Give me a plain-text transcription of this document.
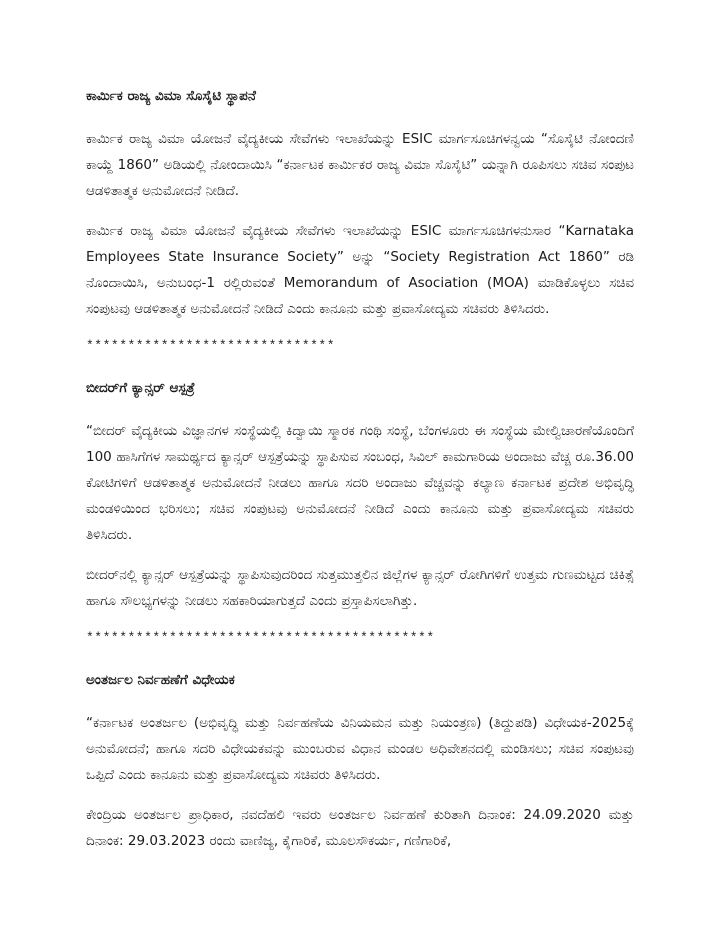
ಕಾರ್ಮಿಕ ರಾಜ್ಯ ವಿಮಾ ಸೊಸೈಟಿ ಸ್ಥಾಪನೆ

ಕಾರ್ಮಿಕ ರಾಜ್ಯ ವಿಮಾ ಯೋಜನೆ ವೈದ್ಯಕೀಯ ಸೇವೆಗಳು ಇಲಾಖೆಯನ್ನು ESIC ಮಾರ್ಗಸೂಚಿಗಳನ್ವಯ “ಸೊಸೈಟಿ ನೋಂದಣಿ ಕಾಯ್ದೆ 1860” ಅಡಿಯಲ್ಲಿ ನೋಂದಾಯಿಸಿ “ಕರ್ನಾಟಕ ಕಾರ್ಮಿಕರ ರಾಜ್ಯ ವಿಮಾ ಸೊಸೈಟಿ” ಯನ್ನಾಗಿ ರೂಪಿಸಲು ಸಚಿವ ಸಂಪುಟ ಆಡಳಿತಾತ್ಮಕ ಅನುಮೋದನೆ ನೀಡಿದೆ.

ಕಾರ್ಮಿಕ ರಾಜ್ಯ ವಿಮಾ ಯೋಜನೆ ವೈದ್ಯಕೀಯ ಸೇವೆಗಳು ಇಲಾಖೆಯನ್ನು ESIC ಮಾರ್ಗಸೂಚಿಗಳನುಸಾರ “Karnataka Employees State Insurance Society” ಅನ್ನು “Society Registration Act 1860” ರಡಿ ನೊಂದಾಯಿಸಿ, ಅನುಬಂಧ-1 ರಲ್ಲಿರುವಂತೆ Memorandum of Asociation (MOA) ಮಾಡಿಕೊಳ್ಳಲು ಸಚಿವ ಸಂಪುಟವು ಆಡಳಿತಾತ್ಮಕ ಅನುಮೋದನೆ ನೀಡಿದೆ ಎಂದು ಕಾನೂನು ಮತ್ತು ಪ್ರವಾಸೋದ್ಯಮ ಸಚಿವರು ತಿಳಿಸಿದರು.

******************************
ಬೀದರ್‌ಗೆ ಕ್ಯಾನ್ಸರ್ ಆಸ್ಪತ್ರೆ

“ಬೀದರ್ ವೈದ್ಯಕೀಯ ವಿಜ್ಞಾನಗಳ ಸಂಸ್ಥೆಯಲ್ಲಿ ಕಿದ್ವಾಯಿ ಸ್ಮಾರಕ ಗಂಥಿ ಸಂಸ್ಥೆ, ಬೆಂಗಳೂರು ಈ ಸಂಸ್ಥೆಯ ಮೇಲ್ವಿಚಾರಣೆಯೊಂದಿಗೆ 100 ಹಾಸಿಗೆಗಳ ಸಾಮರ್ಥ್ಯದ ಕ್ಯಾನ್ಸರ್ ಆಸ್ಪತ್ರೆಯನ್ನು ಸ್ಥಾಪಿಸುವ ಸಂಬಂಧ, ಸಿವಿಲ್ ಕಾಮಗಾರಿಯ ಅಂದಾಜು ವೆಚ್ಚ ರೂ.36.00 ಕೋಟಿಗಳಿಗೆ ಆಡಳಿತಾತ್ಮಕ ಅನುಮೋದನೆ ನೀಡಲು ಹಾಗೂ ಸದರಿ ಅಂದಾಜು ವೆಚ್ಚವನ್ನು ಕಲ್ಯಾಣ ಕರ್ನಾಟಕ ಪ್ರದೇಶ ಅಭಿವೃದ್ಧಿ ಮಂಡಳಿಯಿಂದ ಭರಿಸಲು; ಸಚಿವ ಸಂಪುಟವು ಅನುಮೋದನೆ ನೀಡಿದೆ ಎಂದು ಕಾನೂನು ಮತ್ತು ಪ್ರವಾಸೋದ್ಯಮ ಸಚಿವರು ತಿಳಿಸಿದರು.

ಬೀದರ್‌ನಲ್ಲಿ ಕ್ಯಾನ್ಸರ್ ಆಸ್ಪತ್ರೆಯನ್ನು ಸ್ಥಾಪಿಸುವುದರಿಂದ ಸುತ್ತಮುತ್ತಲಿನ ಜಿಲ್ಲೆಗಳ ಕ್ಯಾನ್ಸರ್ ರೋಗಿಗಳಿಗೆ ಉತ್ತಮ ಗುಣಮಟ್ಟದ ಚಿಕಿತ್ಸೆ ಹಾಗೂ ಸೌಲಭ್ಯಗಳನ್ನು ನೀಡಲು ಸಹಕಾರಿಯಾಗುತ್ತದೆ ಎಂದು ಪ್ರಸ್ತಾಪಿಸಲಾಗಿತ್ತು.

******************************************
ಅಂತರ್ಜಲ ನಿರ್ವಹಣೆಗೆ ವಿಧೇಯಕ

“ಕರ್ನಾಟಕ ಅಂತರ್ಜಲ (ಅಭಿವೃದ್ಧಿ ಮತ್ತು ನಿರ್ವಹಣೆಯ ವಿನಿಯಮನ ಮತ್ತು ನಿಯಂತ್ರಣ) (ತಿದ್ದುಪಡಿ) ವಿಧೇಯಕ-2025ಕ್ಕೆ ಅನುಮೋದನೆ; ಹಾಗೂ ಸದರಿ ವಿಧೇಯಕವನ್ನು ಮುಂಬರುವ ವಿಧಾನ ಮಂಡಲ ಅಧಿವೇಶನದಲ್ಲಿ ಮಂಡಿಸಲು; ಸಚಿವ ಸಂಪುಟವು ಒಪ್ಪಿದೆ ಎಂದು ಕಾನೂನು ಮತ್ತು ಪ್ರವಾಸೋದ್ಯಮ ಸಚಿವರು ತಿಳಿಸಿದರು.

ಕೇಂದ್ರಿಯ ಅಂತರ್ಜಲ ಪ್ರಾಧಿಕಾರ, ನವದೆಹಲಿ ಇವರು ಅಂತರ್ಜಲ ನಿರ್ವಹಣೆ ಕುರಿತಾಗಿ ದಿನಾಂಕ: 24.09.2020 ಮತ್ತು ದಿನಾಂಕ: 29.03.2023 ರಂದು ವಾಣಿಜ್ಯ, ಕೈಗಾರಿಕೆ, ಮೂಲಸೌಕರ್ಯ, ಗಣಿಗಾರಿಕೆ,
